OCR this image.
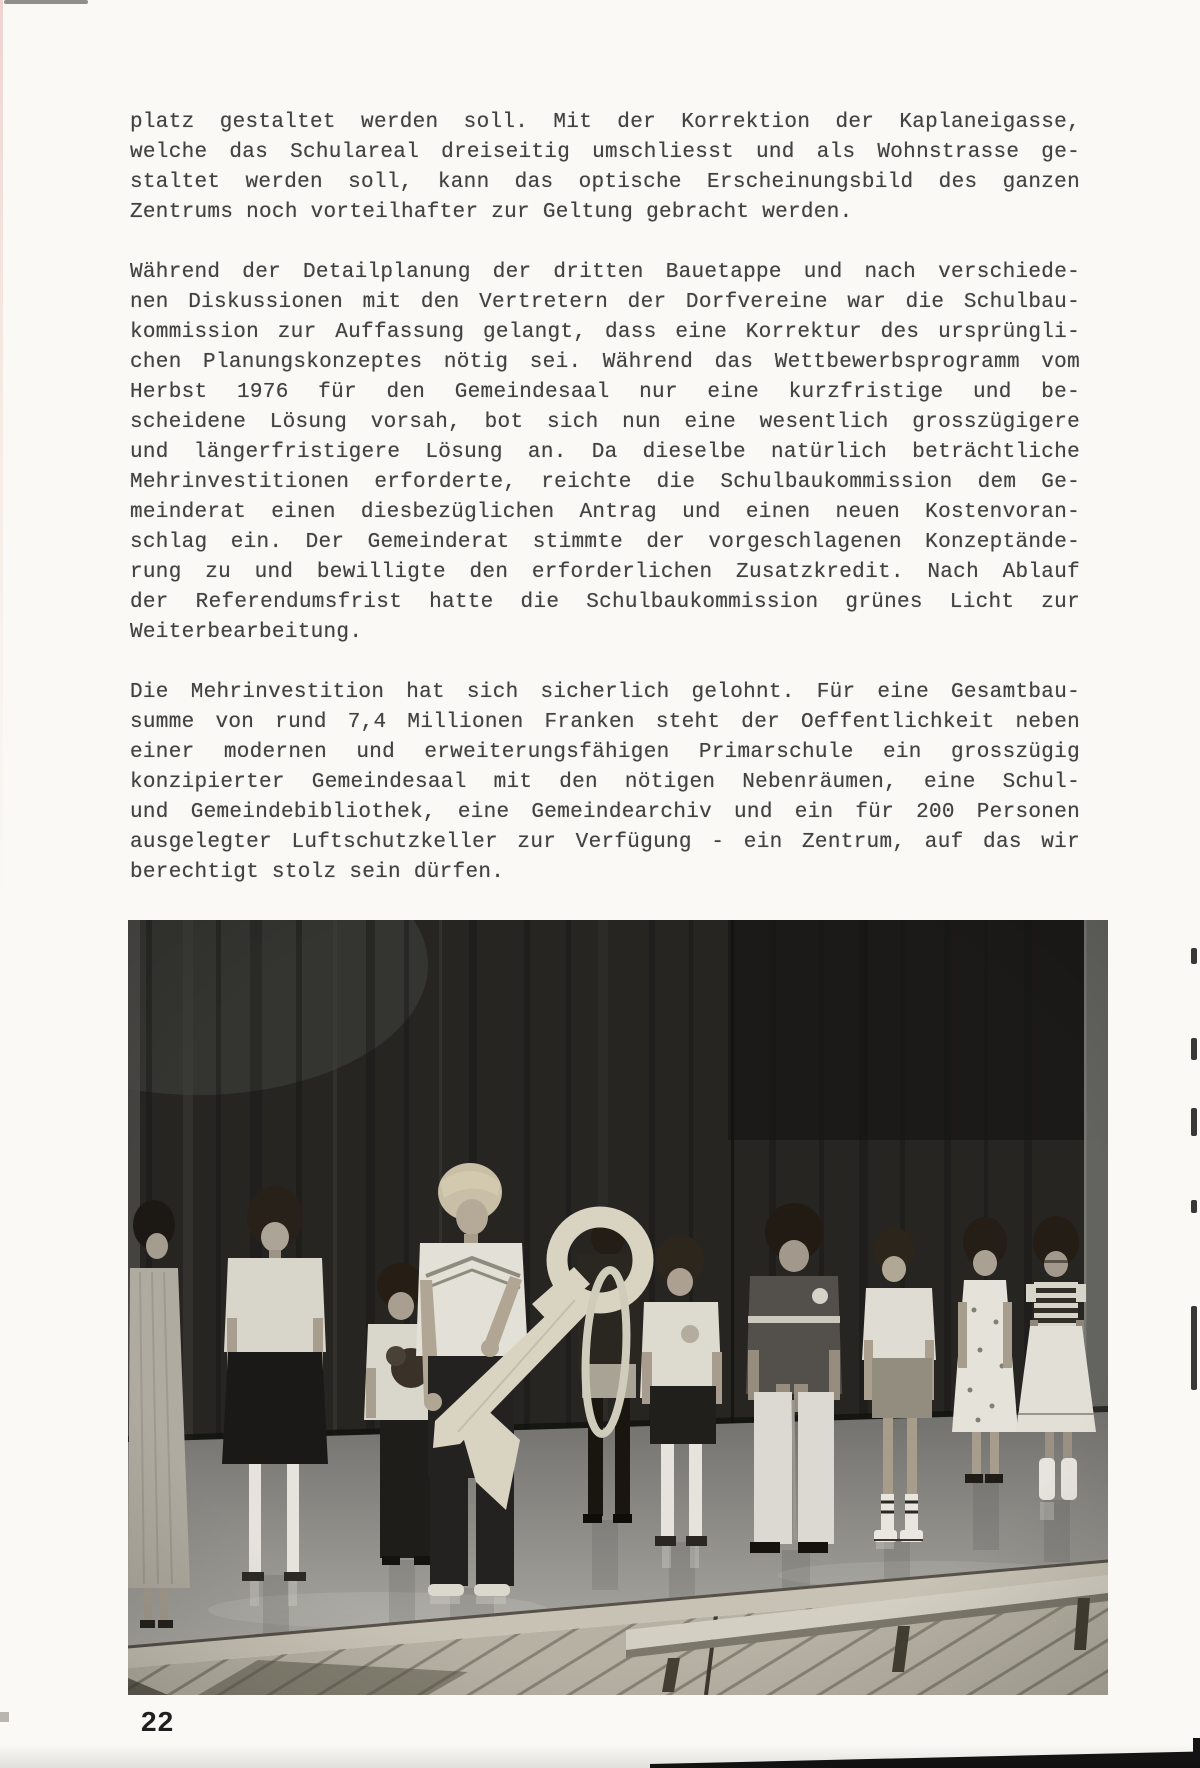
platz gestaltet werden soll. Mit der Korrektion der Kaplaneigasse,
welche das Schulareal dreiseitig umschliesst und als Wohnstrasse ge-
staltet werden soll, kann das optische Erscheinungsbild des ganzen
Zentrums noch vorteilhafter zur Geltung gebracht werden.

Während der Detailplanung der dritten Bauetappe und nach verschiede-
nen Diskussionen mit den Vertretern der Dorfvereine war die Schulbau-
kommission zur Auffassung gelangt, dass eine Korrektur des ursprüngli-
chen Planungskonzeptes nötig sei. Während das Wettbewerbsprogramm vom
Herbst 1976 für den Gemeindesaal nur eine kurzfristige und be-
scheidene Lösung vorsah, bot sich nun eine wesentlich grosszügigere
und längerfristigere Lösung an. Da dieselbe natürlich beträchtliche
Mehrinvestitionen erforderte, reichte die Schulbaukommission dem Ge-
meinderat einen diesbezüglichen Antrag und einen neuen Kostenvoran-
schlag ein. Der Gemeinderat stimmte der vorgeschlagenen Konzeptände-
rung zu und bewilligte den erforderlichen Zusatzkredit. Nach Ablauf
der Referendumsfrist hatte die Schulbaukommission grünes Licht zur
Weiterbearbeitung.

Die Mehrinvestition hat sich sicherlich gelohnt. Für eine Gesamtbau-
summe von rund 7,4 Millionen Franken steht der Oeffentlichkeit neben
einer modernen und erweiterungsfähigen Primarschule ein grosszügig
konzipierter Gemeindesaal mit den nötigen Nebenräumen, eine Schul-
und Gemeindebibliothek, eine Gemeindearchiv und ein für 200 Personen
ausgelegter Luftschutzkeller zur Verfügung - ein Zentrum, auf das wir
berechtigt stolz sein dürfen.

22
